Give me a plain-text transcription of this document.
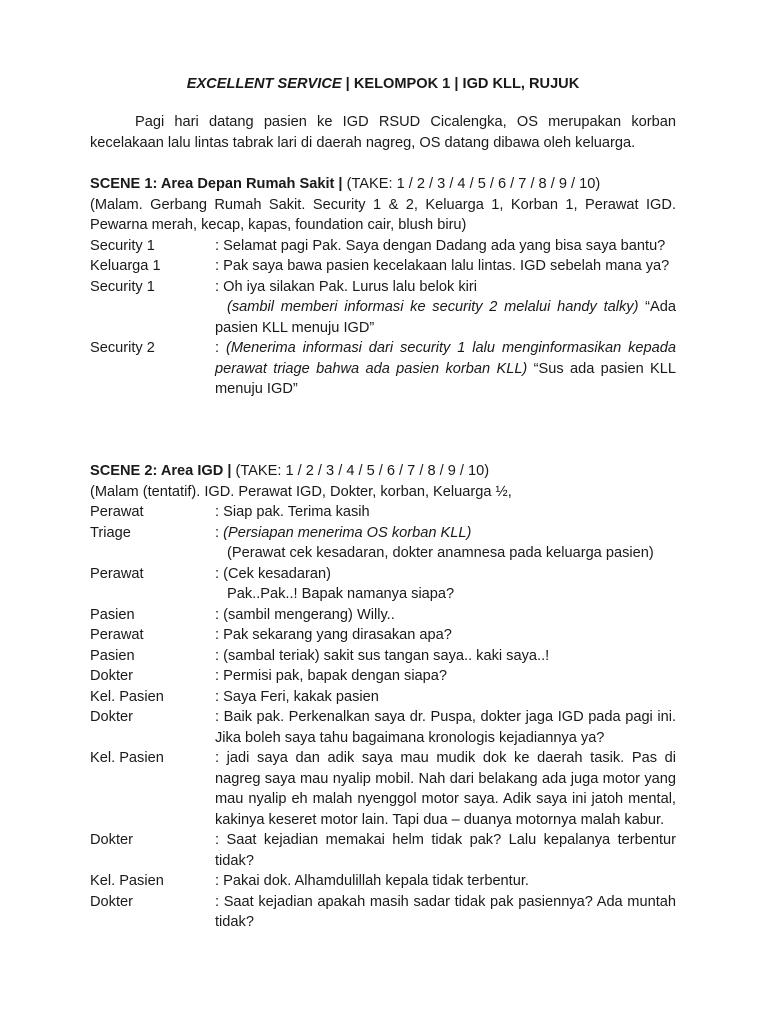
EXCELLENT SERVICE | KELOMPOK 1 | IGD KLL, RUJUK
Pagi hari datang pasien ke IGD RSUD Cicalengka, OS merupakan korban kecelakaan lalu lintas tabrak lari di daerah nagreg, OS datang dibawa oleh keluarga.
SCENE 1: Area Depan Rumah Sakit | (TAKE: 1 / 2 / 3 / 4 / 5 / 6 / 7 / 8 / 9 / 10)
(Malam. Gerbang Rumah Sakit. Security 1 & 2, Keluarga 1, Korban 1, Perawat IGD. Pewarna merah, kecap, kapas, foundation cair, blush biru)
Security 1	: Selamat pagi Pak. Saya dengan Dadang ada yang bisa saya bantu?
Keluarga 1	: Pak saya bawa pasien kecelakaan lalu lintas. IGD sebelah mana ya?
Security 1	: Oh iya silakan Pak. Lurus lalu belok kiri
(sambil memberi informasi ke security 2 melalui handy talky) “Ada pasien KLL menuju IGD”
Security 2	: (Menerima informasi dari security 1 lalu menginformasikan kepada perawat triage bahwa ada pasien korban KLL) “Sus ada pasien KLL menuju IGD”
SCENE 2: Area IGD | (TAKE: 1 / 2 / 3 / 4 / 5 / 6 / 7 / 8 / 9 / 10)
(Malam (tentatif). IGD. Perawat IGD, Dokter, korban, Keluarga ½,
Perawat	: Siap pak. Terima kasih
Triage	: (Persiapan menerima OS korban KLL)
(Perawat cek kesadaran, dokter anamnesa pada keluarga pasien)
Perawat	: (Cek kesadaran)
Pak..Pak..! Bapak namanya siapa?
Pasien	: (sambil mengerang) Willy..
Perawat	: Pak sekarang yang dirasakan apa?
Pasien	: (sambal teriak) sakit sus tangan saya.. kaki saya..!
Dokter	: Permisi pak, bapak dengan siapa?
Kel. Pasien	: Saya Feri, kakak pasien
Dokter	: Baik pak. Perkenalkan saya dr. Puspa, dokter jaga IGD pada pagi ini. Jika boleh saya tahu bagaimana kronologis kejadiannya ya?
Kel. Pasien	: jadi saya dan adik saya mau mudik dok ke daerah tasik. Pas di nagreg saya mau nyalip mobil. Nah dari belakang ada juga motor yang mau nyalip eh malah nyenggol motor saya. Adik saya ini jatoh mental, kakinya keseret motor lain. Tapi dua – duanya motornya malah kabur.
Dokter	: Saat kejadian memakai helm tidak pak? Lalu kepalanya terbentur tidak?
Kel. Pasien	: Pakai dok. Alhamdulillah kepala tidak terbentur.
Dokter	: Saat kejadian apakah masih sadar tidak pak pasiennya? Ada muntah tidak?
